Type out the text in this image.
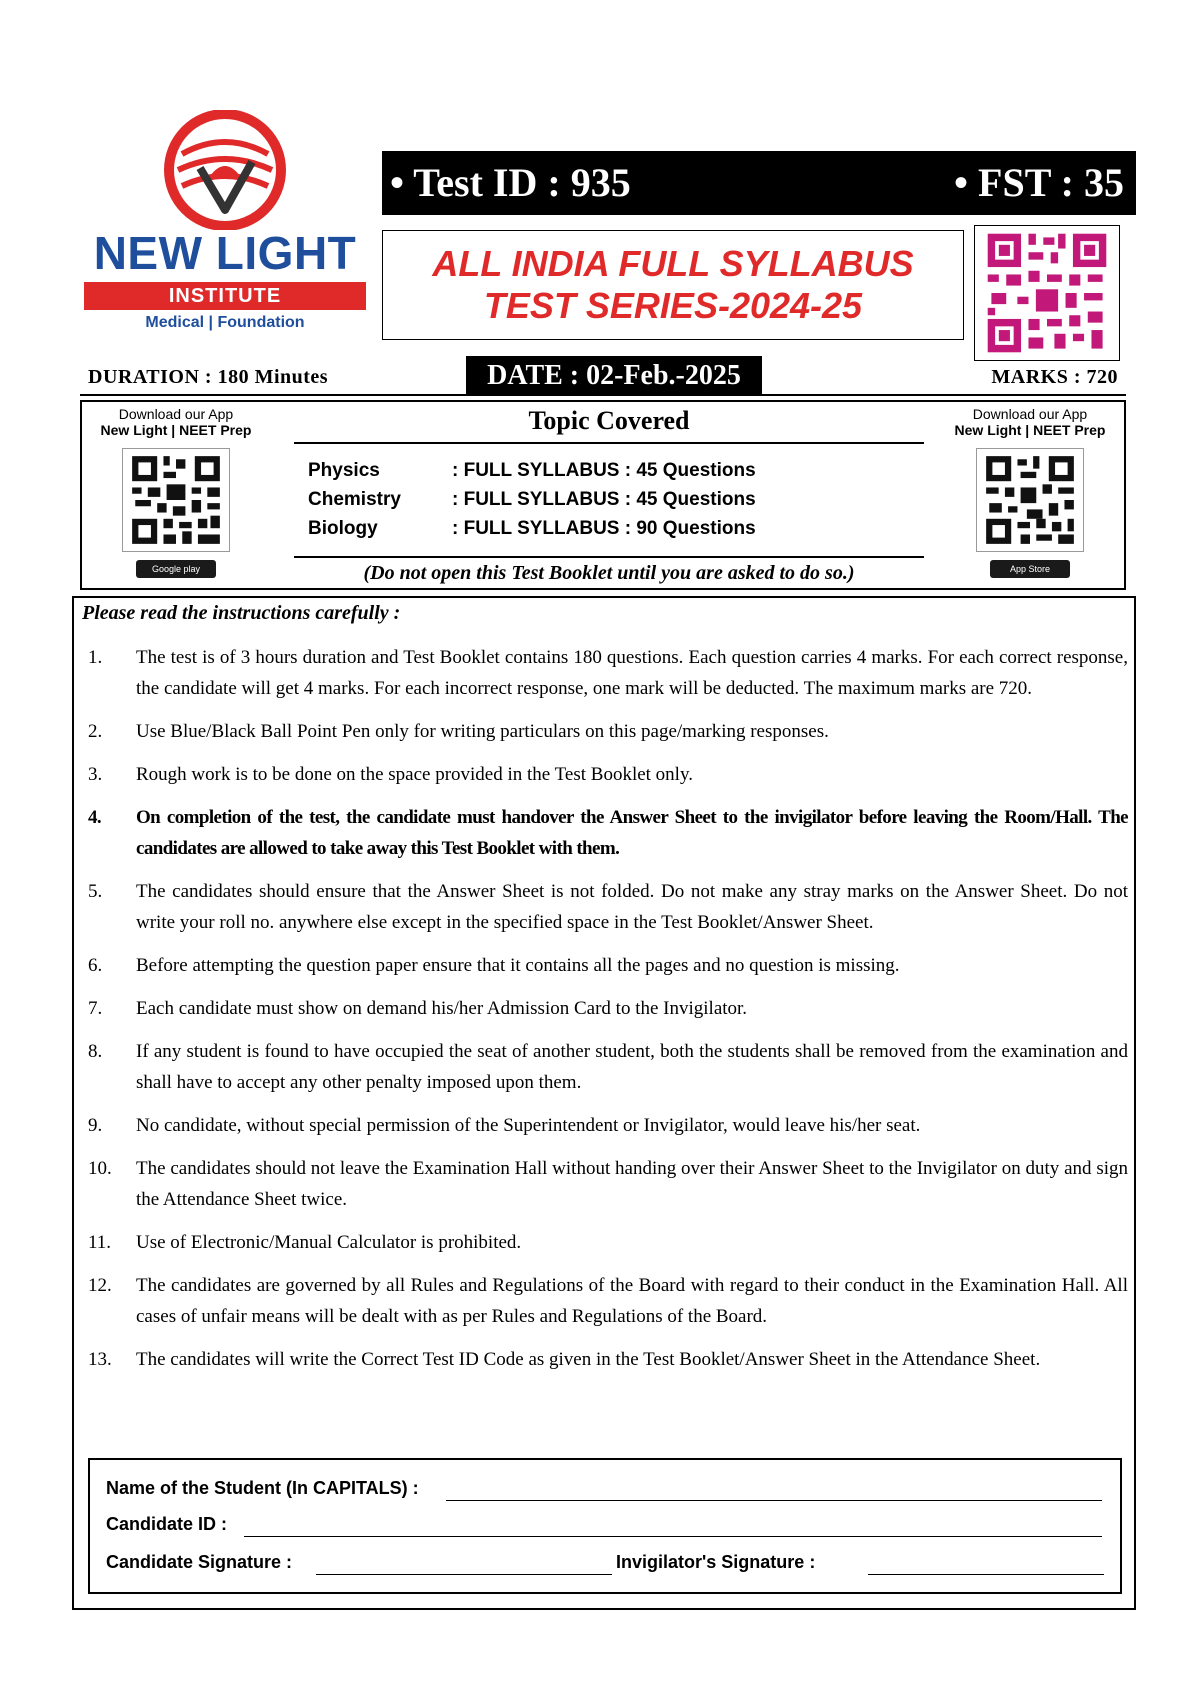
NEW LIGHT
INSTITUTE
Medical | Foundation
• Test ID : 935	• FST : 35
ALL INDIA FULL SYLLABUS
TEST SERIES-2024-25
DURATION : 180 Minutes	DATE : 02-Feb.-2025	MARKS : 720
Download our App
New Light | NEET Prep
Google play
Topic Covered
Physics	: FULL SYLLABUS : 45 Questions
Chemistry	: FULL SYLLABUS : 45 Questions
Biology	: FULL SYLLABUS : 90 Questions
(Do not open this Test Booklet until you are asked to do so.)
Download our App
New Light | NEET Prep
App Store
Please read the instructions carefully :
1. The test is of 3 hours duration and Test Booklet contains 180 questions. Each question carries 4 marks. For each correct response, the candidate will get 4 marks. For each incorrect response, one mark will be deducted. The maximum marks are 720.
2. Use Blue/Black Ball Point Pen only for writing particulars on this page/marking responses.
3. Rough work is to be done on the space provided in the Test Booklet only.
4. On completion of the test, the candidate must handover the Answer Sheet to the invigilator before leaving the Room/Hall. The candidates are allowed to take away this Test Booklet with them.
5. The candidates should ensure that the Answer Sheet is not folded. Do not make any stray marks on the Answer Sheet. Do not write your roll no. anywhere else except in the specified space in the Test Booklet/Answer Sheet.
6. Before attempting the question paper ensure that it contains all the pages and no question is missing.
7. Each candidate must show on demand his/her Admission Card to the Invigilator.
8. If any student is found to have occupied the seat of another student, both the students shall be removed from the examination and shall have to accept any other penalty imposed upon them.
9. No candidate, without special permission of the Superintendent or Invigilator, would leave his/her seat.
10. The candidates should not leave the Examination Hall without handing over their Answer Sheet to the Invigilator on duty and sign the Attendance Sheet twice.
11. Use of Electronic/Manual Calculator is prohibited.
12. The candidates are governed by all Rules and Regulations of the Board with regard to their conduct in the Examination Hall. All cases of unfair means will be dealt with as per Rules and Regulations of the Board.
13. The candidates will write the Correct Test ID Code as given in the Test Booklet/Answer Sheet in the Attendance Sheet.
Name of the Student (In CAPITALS) :
Candidate ID :
Candidate Signature :	Invigilator's Signature :
